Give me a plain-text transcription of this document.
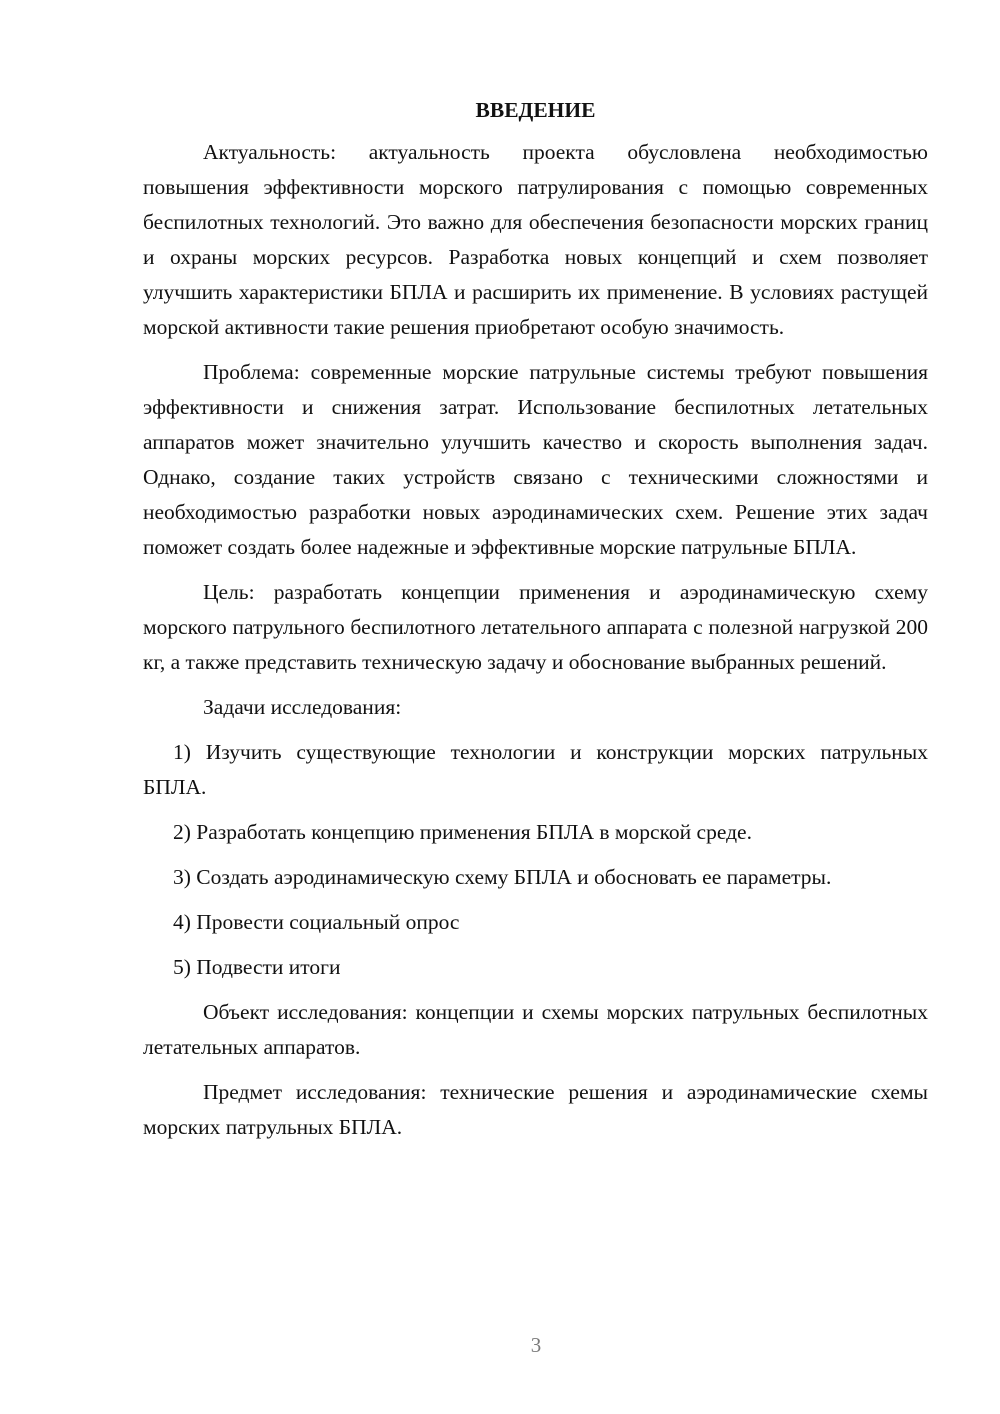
ВВЕДЕНИЕ

Актуальность: актуальность проекта обусловлена необходимостью повышения эффективности морского патрулирования с помощью современных беспилотных технологий. Это важно для обеспечения безопасности морских границ и охраны морских ресурсов. Разработка новых концепций и схем позволяет улучшить характеристики БПЛА и расширить их применение. В условиях растущей морской активности такие решения приобретают особую значимость.

Проблема: современные морские патрульные системы требуют повышения эффективности и снижения затрат. Использование беспилотных летательных аппаратов может значительно улучшить качество и скорость выполнения задач. Однако, создание таких устройств связано с техническими сложностями и необходимостью разработки новых аэродинамических схем. Решение этих задач поможет создать более надежные и эффективные морские патрульные БПЛА.

Цель: разработать концепции применения и аэродинамическую схему морского патрульного беспилотного летательного аппарата с полезной нагрузкой 200 кг, а также представить техническую задачу и обоснование выбранных решений.

Задачи исследования:

1) Изучить существующие технологии и конструкции морских патрульных БПЛА.

2) Разработать концепцию применения БПЛА в морской среде.

3) Создать аэродинамическую схему БПЛА и обосновать ее параметры.

4) Провести социальный опрос

5) Подвести итоги

Объект исследования: концепции и схемы морских патрульных беспилотных летательных аппаратов.

Предмет исследования: технические решения и аэродинамические схемы морских патрульных БПЛА.

3
